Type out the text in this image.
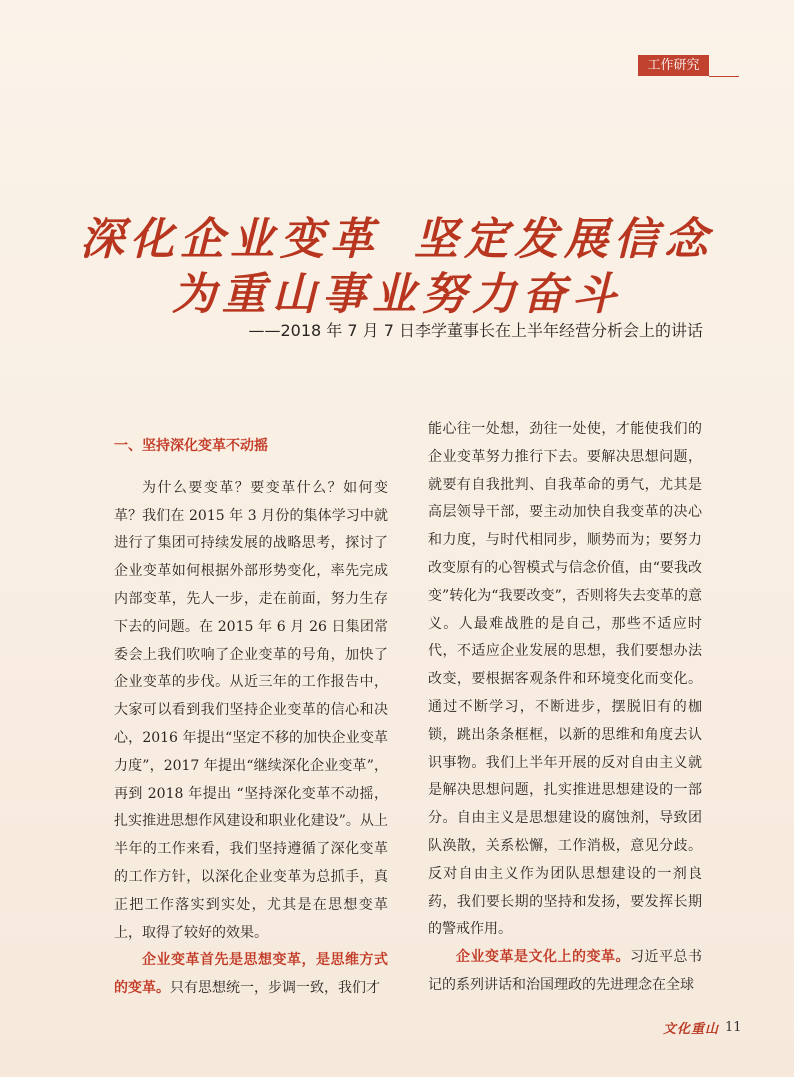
工作研究
深化企业变革 坚定发展信念
为重山事业努力奋斗
——2018 年 7 月 7 日李学董事长在上半年经营分析会上的讲话
一、坚持深化变革不动摇

为什么要变革？要变革什么？如何变革？我们在 2015 年 3 月份的集体学习中就进行了集团可持续发展的战略思考，探讨了企业变革如何根据外部形势变化，率先完成内部变革，先人一步，走在前面，努力生存下去的问题。在 2015 年 6 月 26 日集团常委会上我们吹响了企业变革的号角，加快了企业变革的步伐。从近三年的工作报告中，大家可以看到我们坚持企业变革的信心和决心，2016 年提出“坚定不移的加快企业变革力度”，2017 年提出“继续深化企业变革”，再到 2018 年提出 “坚持深化变革不动摇，扎实推进思想作风建设和职业化建设”。从上半年的工作来看，我们坚持遵循了深化变革的工作方针，以深化企业变革为总抓手，真正把工作落实到实处，尤其是在思想变革上，取得了较好的效果。

企业变革首先是思想变革，是思维方式的变革。只有思想统一，步调一致，我们才

能心往一处想，劲往一处使，才能使我们的企业变革努力推行下去。要解决思想问题，就要有自我批判、自我革命的勇气，尤其是高层领导干部，要主动加快自我变革的决心和力度，与时代相同步，顺势而为；要努力改变原有的心智模式与信念价值，由“要我改变”转化为“我要改变”，否则将失去变革的意义。人最难战胜的是自己，那些不适应时代，不适应企业发展的思想，我们要想办法改变，要根据客观条件和环境变化而变化。通过不断学习，不断进步，摆脱旧有的枷锁，跳出条条框框，以新的思维和角度去认识事物。我们上半年开展的反对自由主义就是解决思想问题，扎实推进思想建设的一部分。自由主义是思想建设的腐蚀剂，导致团队涣散，关系松懈，工作消极，意见分歧。反对自由主义作为团队思想建设的一剂良药，我们要长期的坚持和发扬，要发挥长期的警戒作用。

企业变革是文化上的变革。习近平总书记的系列讲话和治国理政的先进理念在全球

文化重山 11
